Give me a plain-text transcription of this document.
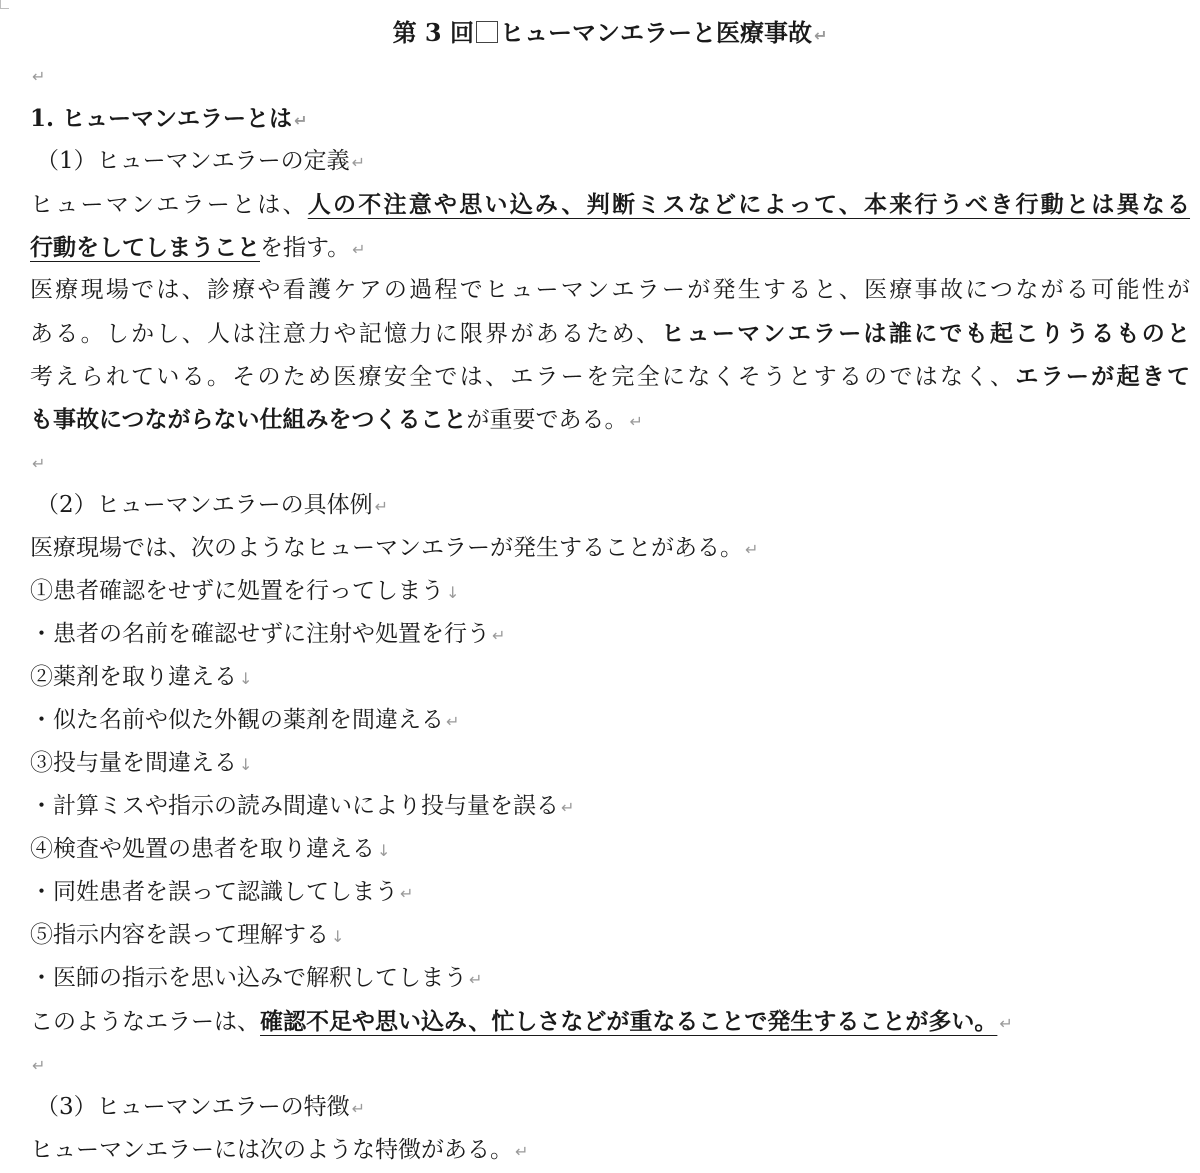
第 3 回 ヒューマンエラーと医療事故 ↵
↵
1. ヒューマンエラーとは ↵
（1）ヒューマンエラーの定義 ↵
ヒューマンエラーとは、人の不注意や思い込み、判断ミスなどによって、本来行うべき行動とは異なる
行動をしてしまうことを指す。 ↵
医療現場では、診療や看護ケアの過程でヒューマンエラーが発生すると、医療事故につながる可能性が
ある。しかし、人は注意力や記憶力に限界があるため、ヒューマンエラーは誰にでも起こりうるものと
考えられている。そのため医療安全では、エラーを完全になくそうとするのではなく、エラーが起きて
も事故につながらない仕組みをつくることが重要である。 ↵
↵
（2）ヒューマンエラーの具体例 ↵
医療現場では、次のようなヒューマンエラーが発生することがある。 ↵
①患者確認をせずに処置を行ってしまう ↓
・患者の名前を確認せずに注射や処置を行う ↵
②薬剤を取り違える ↓
・似た名前や似た外観の薬剤を間違える ↵
③投与量を間違える ↓
・計算ミスや指示の読み間違いにより投与量を誤る ↵
④検査や処置の患者を取り違える ↓
・同姓患者を誤って認識してしまう ↵
⑤指示内容を誤って理解する ↓
・医師の指示を思い込みで解釈してしまう ↵
このようなエラーは、確認不足や思い込み、忙しさなどが重なることで発生することが多い。 ↵
↵
（3）ヒューマンエラーの特徴 ↵
ヒューマンエラーには次のような特徴がある。 ↵
